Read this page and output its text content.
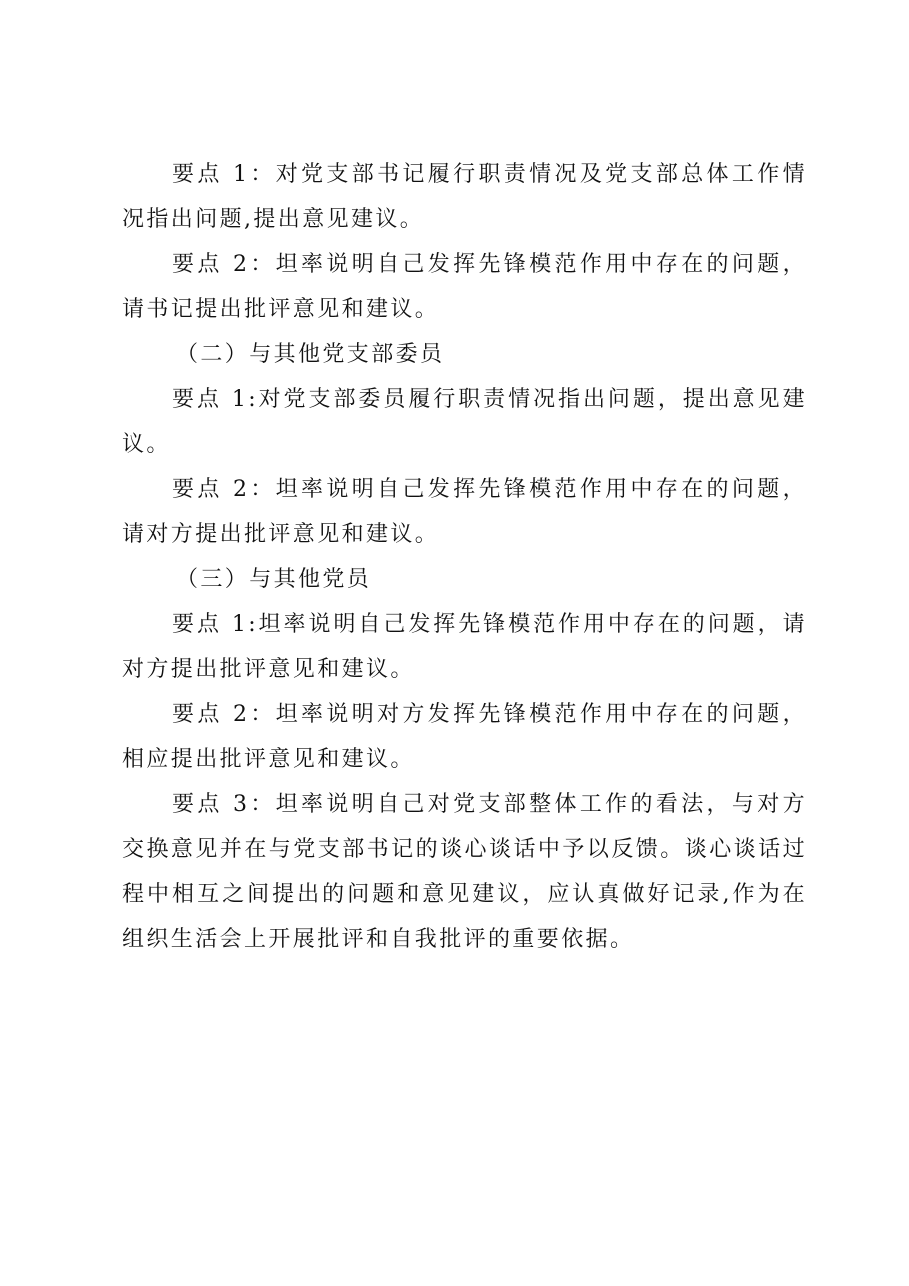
要点 1：对党支部书记履行职责情况及党支部总体工作情况指出问题,提出意见建议。

要点 2：坦率说明自己发挥先锋模范作用中存在的问题，请书记提出批评意见和建议。

（二）与其他党支部委员

要点 1:对党支部委员履行职责情况指出问题，提出意见建议。

要点 2：坦率说明自己发挥先锋模范作用中存在的问题，请对方提出批评意见和建议。

（三）与其他党员

要点 1:坦率说明自己发挥先锋模范作用中存在的问题，请对方提出批评意见和建议。

要点 2：坦率说明对方发挥先锋模范作用中存在的问题，相应提出批评意见和建议。

要点 3：坦率说明自己对党支部整体工作的看法，与对方交换意见并在与党支部书记的谈心谈话中予以反馈。谈心谈话过程中相互之间提出的问题和意见建议，应认真做好记录,作为在组织生活会上开展批评和自我批评的重要依据。
